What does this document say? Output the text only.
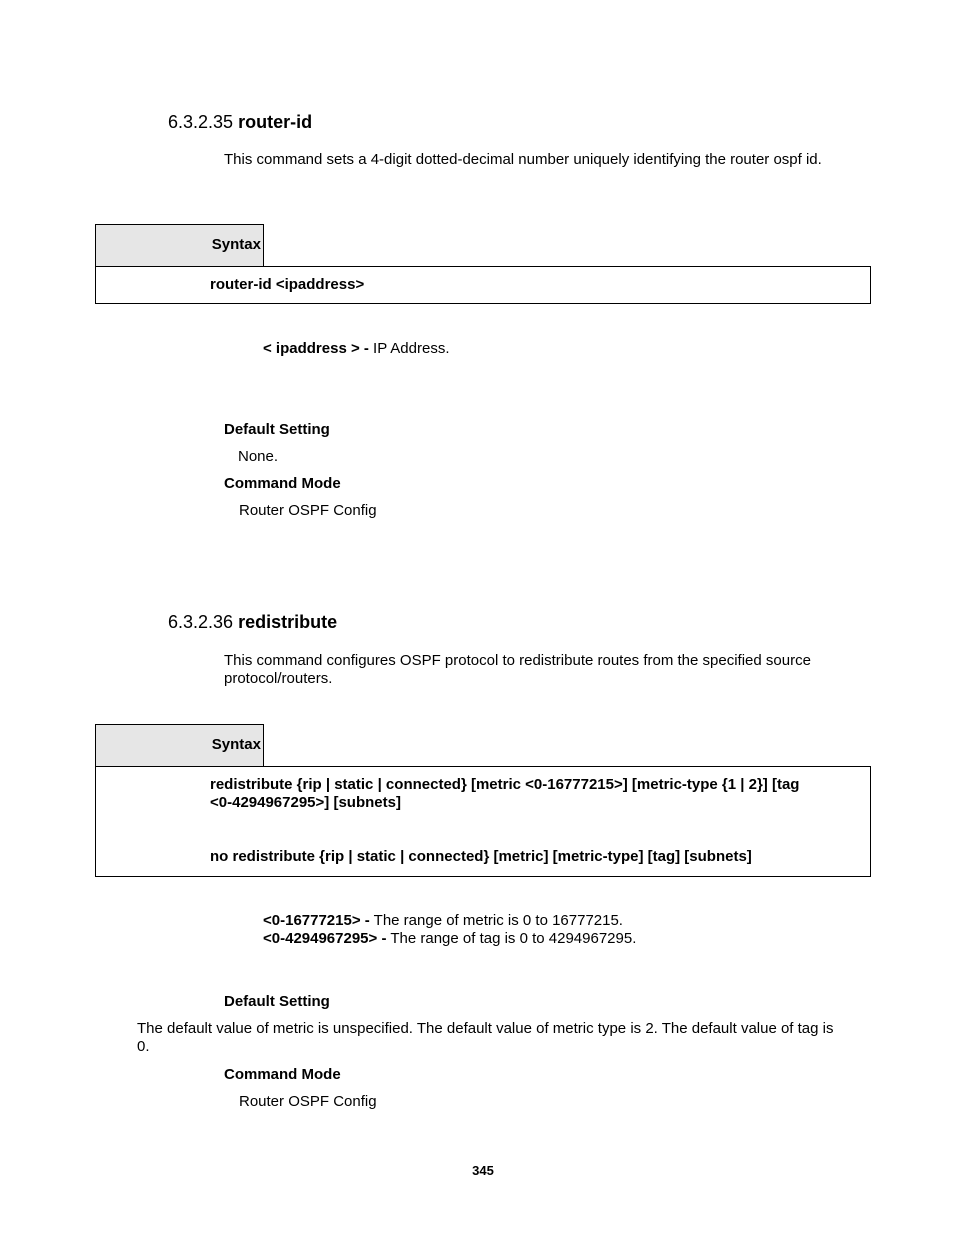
6.3.2.35 router-id
This command sets a 4-digit dotted-decimal number uniquely identifying the router ospf id.
Syntax
router-id <ipaddress>
< ipaddress > - IP Address.
Default Setting
None.
Command Mode
Router OSPF Config
6.3.2.36 redistribute
This command configures OSPF protocol to redistribute routes from the specified source
protocol/routers.
Syntax
redistribute {rip | static | connected} [metric <0-16777215>] [metric-type {1 | 2}] [tag
<0-4294967295>] [subnets]
no redistribute {rip | static | connected} [metric] [metric-type] [tag] [subnets]
<0-16777215> - The range of metric is 0 to 16777215.
<0-4294967295> - The range of tag is 0 to 4294967295.
Default Setting
The default value of metric is unspecified. The default value of metric type is 2. The default value of tag is
0.
Command Mode
Router OSPF Config
345
